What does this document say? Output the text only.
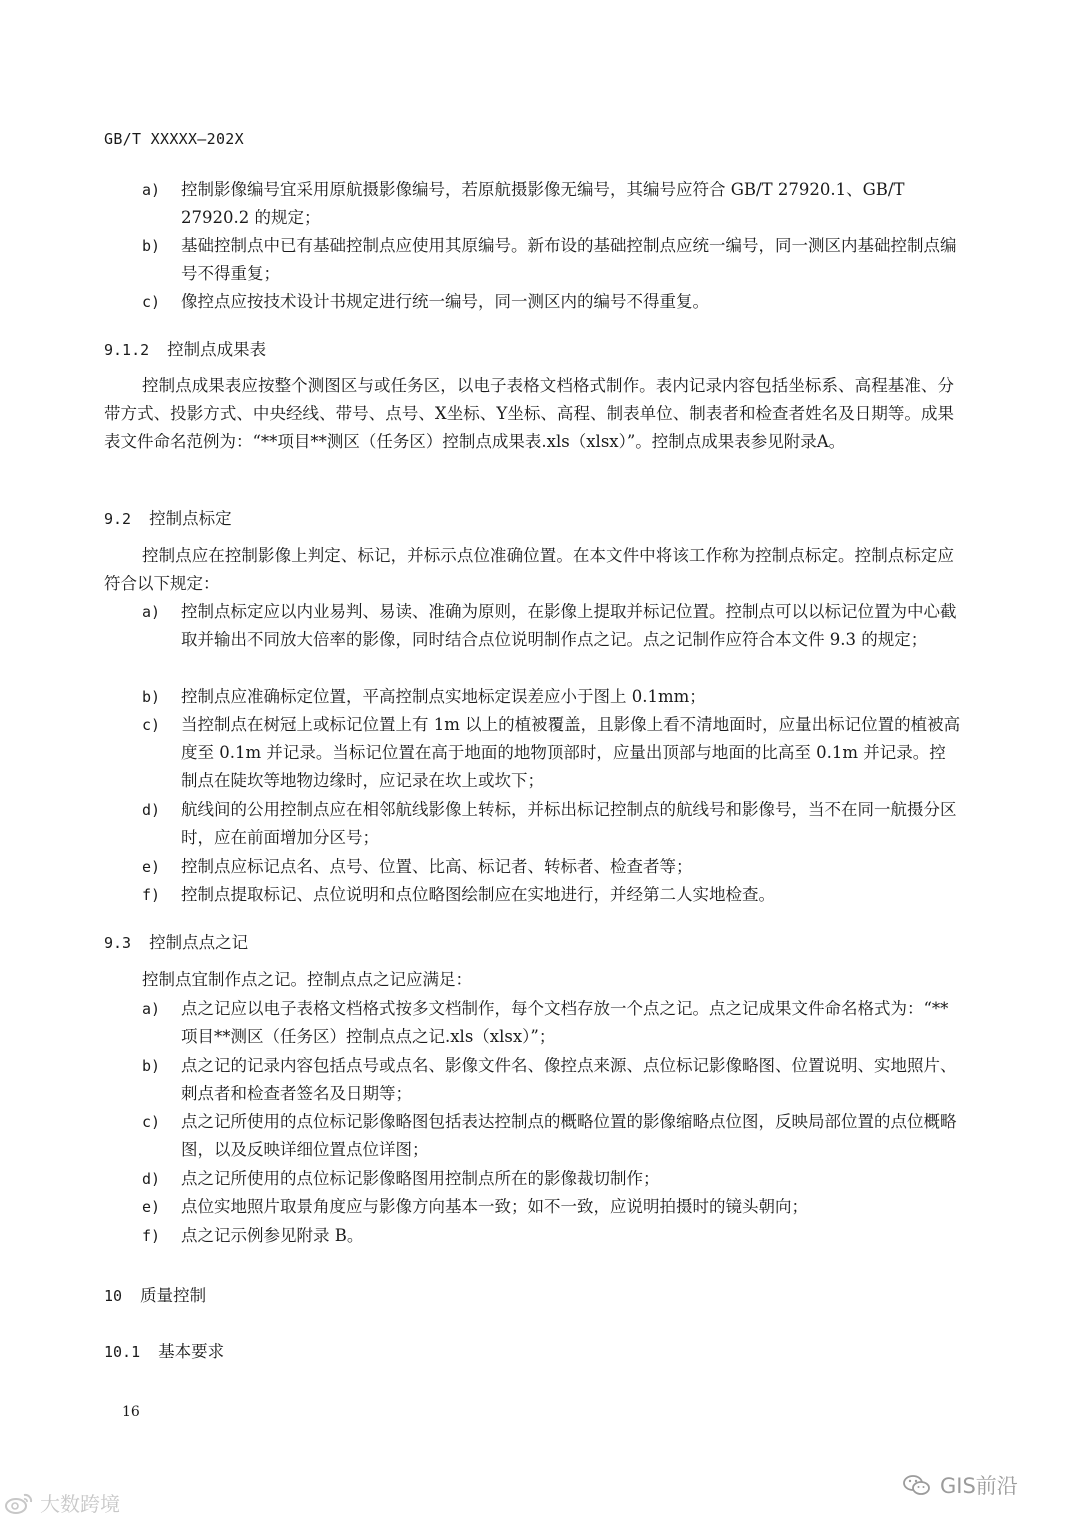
GB/T XXXXX—202X
a)	控制影像编号宜采用原航摄影像编号，若原航摄影像无编号，其编号应符合 GB/T 27920.1、GB/T 27920.2 的规定；
b)	基础控制点中已有基础控制点应使用其原编号。新布设的基础控制点应统一编号，同一测区内基础控制点编号不得重复；
c)	像控点应按技术设计书规定进行统一编号，同一测区内的编号不得重复。
9.1.2 控制点成果表
控制点成果表应按整个测图区与或任务区，以电子表格文档格式制作。表内记录内容包括坐标系、高程基准、分带方式、投影方式、中央经线、带号、点号、X坐标、Y坐标、高程、制表单位、制表者和检查者姓名及日期等。成果表文件命名范例为：“**项目**测区（任务区）控制点成果表.xls（xlsx）”。控制点成果表参见附录A。
9.2 控制点标定
控制点应在控制影像上判定、标记，并标示点位准确位置。在本文件中将该工作称为控制点标定。控制点标定应符合以下规定：
a)	控制点标定应以内业易判、易读、准确为原则，在影像上提取并标记位置。控制点可以以标记位置为中心截取并输出不同放大倍率的影像，同时结合点位说明制作点之记。点之记制作应符合本文件 9.3 的规定；
b)	控制点应准确标定位置，平高控制点实地标定误差应小于图上 0.1mm；
c)	当控制点在树冠上或标记位置上有 1m 以上的植被覆盖，且影像上看不清地面时，应量出标记位置的植被高度至 0.1m 并记录。当标记位置在高于地面的地物顶部时，应量出顶部与地面的比高至 0.1m 并记录。控制点在陡坎等地物边缘时，应记录在坎上或坎下；
d)	航线间的公用控制点应在相邻航线影像上转标，并标出标记控制点的航线号和影像号，当不在同一航摄分区时，应在前面增加分区号；
e)	控制点应标记点名、点号、位置、比高、标记者、转标者、检查者等；
f)	控制点提取标记、点位说明和点位略图绘制应在实地进行，并经第二人实地检查。
9.3 控制点点之记
控制点宜制作点之记。控制点点之记应满足：
a)	点之记应以电子表格文档格式按多文档制作，每个文档存放一个点之记。点之记成果文件命名格式为：“**项目**测区（任务区）控制点点之记.xls（xlsx）”；
b)	点之记的记录内容包括点号或点名、影像文件名、像控点来源、点位标记影像略图、位置说明、实地照片、刺点者和检查者签名及日期等；
c)	点之记所使用的点位标记影像略图包括表达控制点的概略位置的影像缩略点位图，反映局部位置的点位概略图，以及反映详细位置点位详图；
d)	点之记所使用的点位标记影像略图用控制点所在的影像裁切制作；
e)	点位实地照片取景角度应与影像方向基本一致；如不一致，应说明拍摄时的镜头朝向；
f)	点之记示例参见附录 B。
10 质量控制
10.1 基本要求
16
大数跨境
GIS前沿
